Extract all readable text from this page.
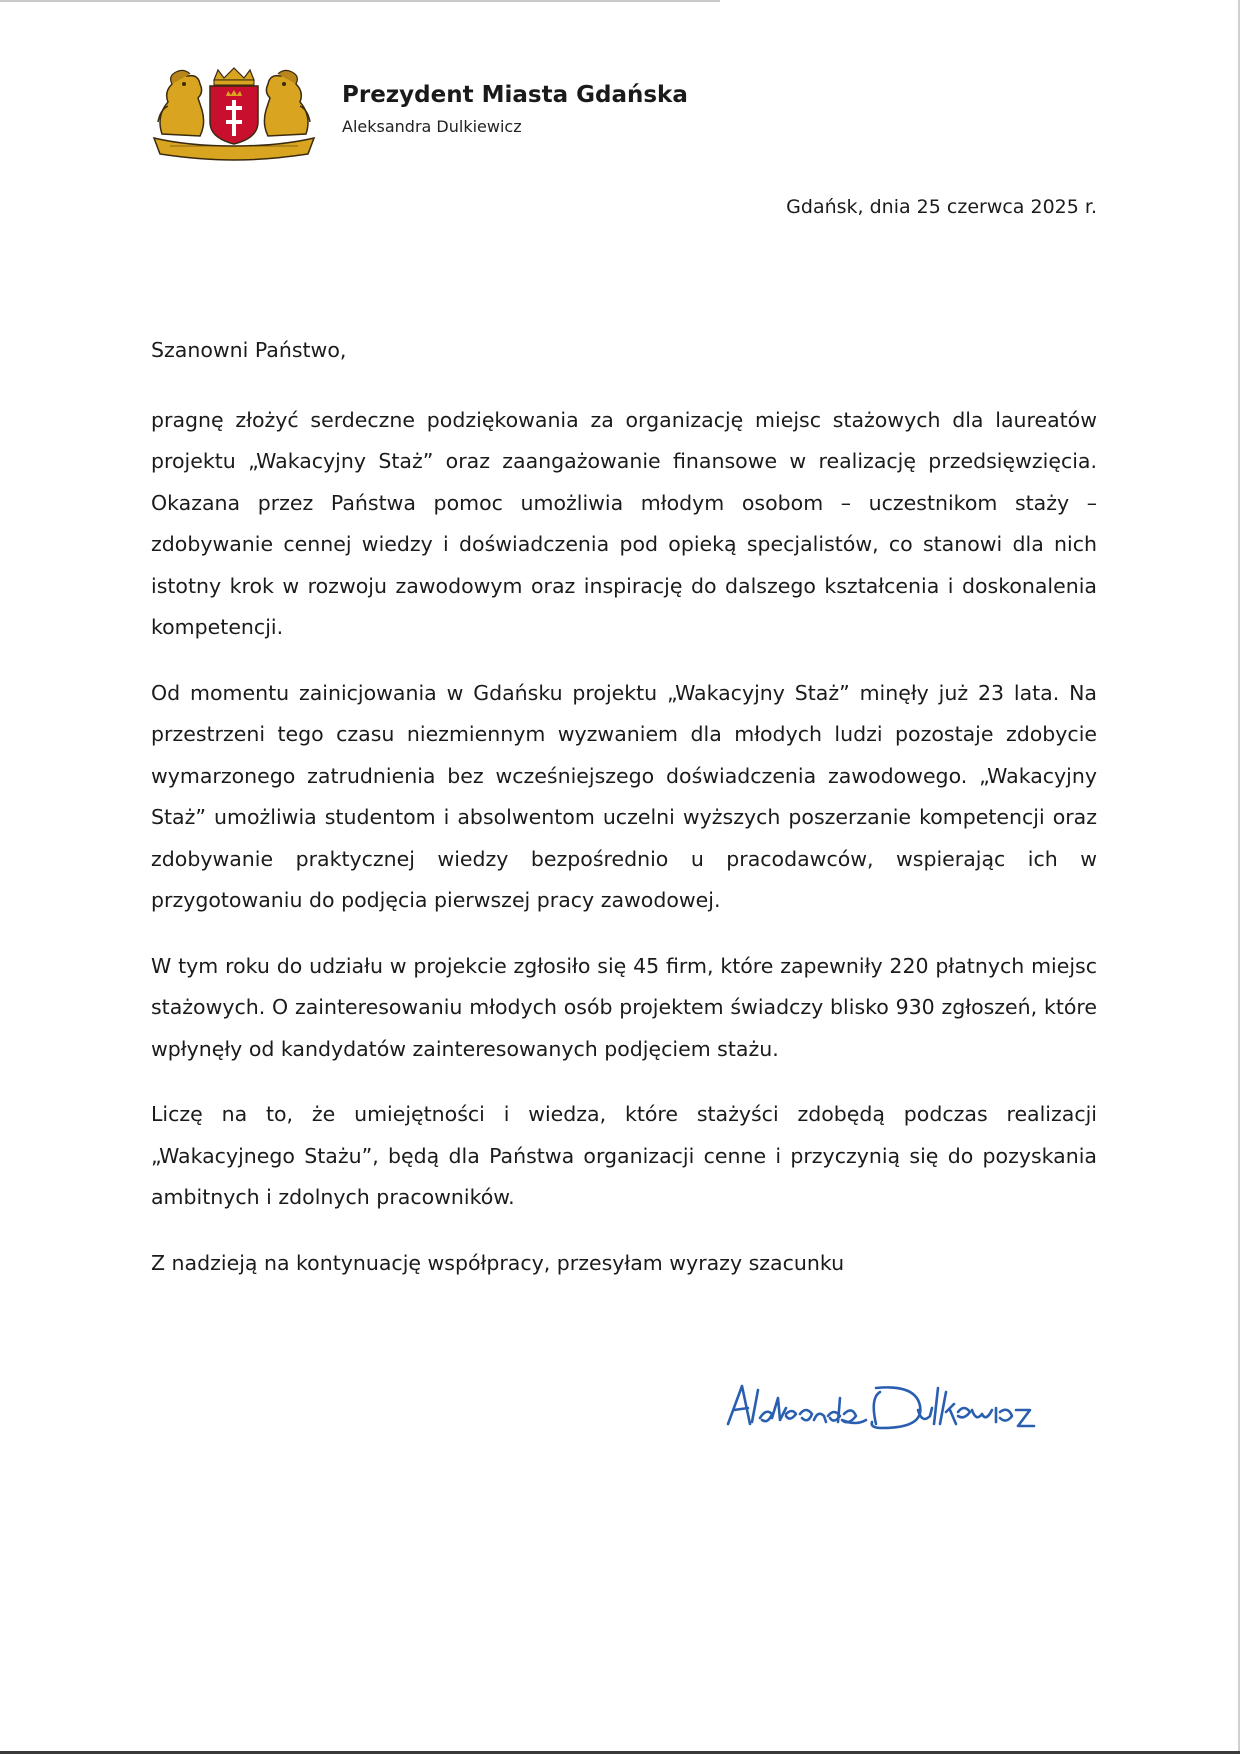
Prezydent Miasta Gdańska
Aleksandra Dulkiewicz
Gdańsk, dnia 25 czerwca 2025 r.

Szanowni Państwo,

pragnę złożyć serdeczne podziękowania za organizację miejsc stażowych dla laureatów projektu „Wakacyjny Staż” oraz zaangażowanie finansowe w realizację przedsięwzięcia. Okazana przez Państwa pomoc umożliwia młodym osobom – uczestnikom staży – zdobywanie cennej wiedzy i doświadczenia pod opieką specjalistów, co stanowi dla nich istotny krok w rozwoju zawodowym oraz inspirację do dalszego kształcenia i doskonalenia kompetencji.

Od momentu zainicjowania w Gdańsku projektu „Wakacyjny Staż” minęły już 23 lata. Na przestrzeni tego czasu niezmiennym wyzwaniem dla młodych ludzi pozostaje zdobycie wymarzonego zatrudnienia bez wcześniejszego doświadczenia zawodowego. „Wakacyjny Staż” umożliwia studentom i absolwentom uczelni wyższych poszerzanie kompetencji oraz zdobywanie praktycznej wiedzy bezpośrednio u pracodawców, wspierając ich w przygotowaniu do podjęcia pierwszej pracy zawodowej.

W tym roku do udziału w projekcie zgłosiło się 45 firm, które zapewniły 220 płatnych miejsc stażowych. O zainteresowaniu młodych osób projektem świadczy blisko 930 zgłoszeń, które wpłynęły od kandydatów zainteresowanych podjęciem stażu.

Liczę na to, że umiejętności i wiedza, które stażyści zdobędą podczas realizacji „Wakacyjnego Stażu”, będą dla Państwa organizacji cenne i przyczynią się do pozyskania ambitnych i zdolnych pracowników.

Z nadzieją na kontynuację współpracy, przesyłam wyrazy szacunku
